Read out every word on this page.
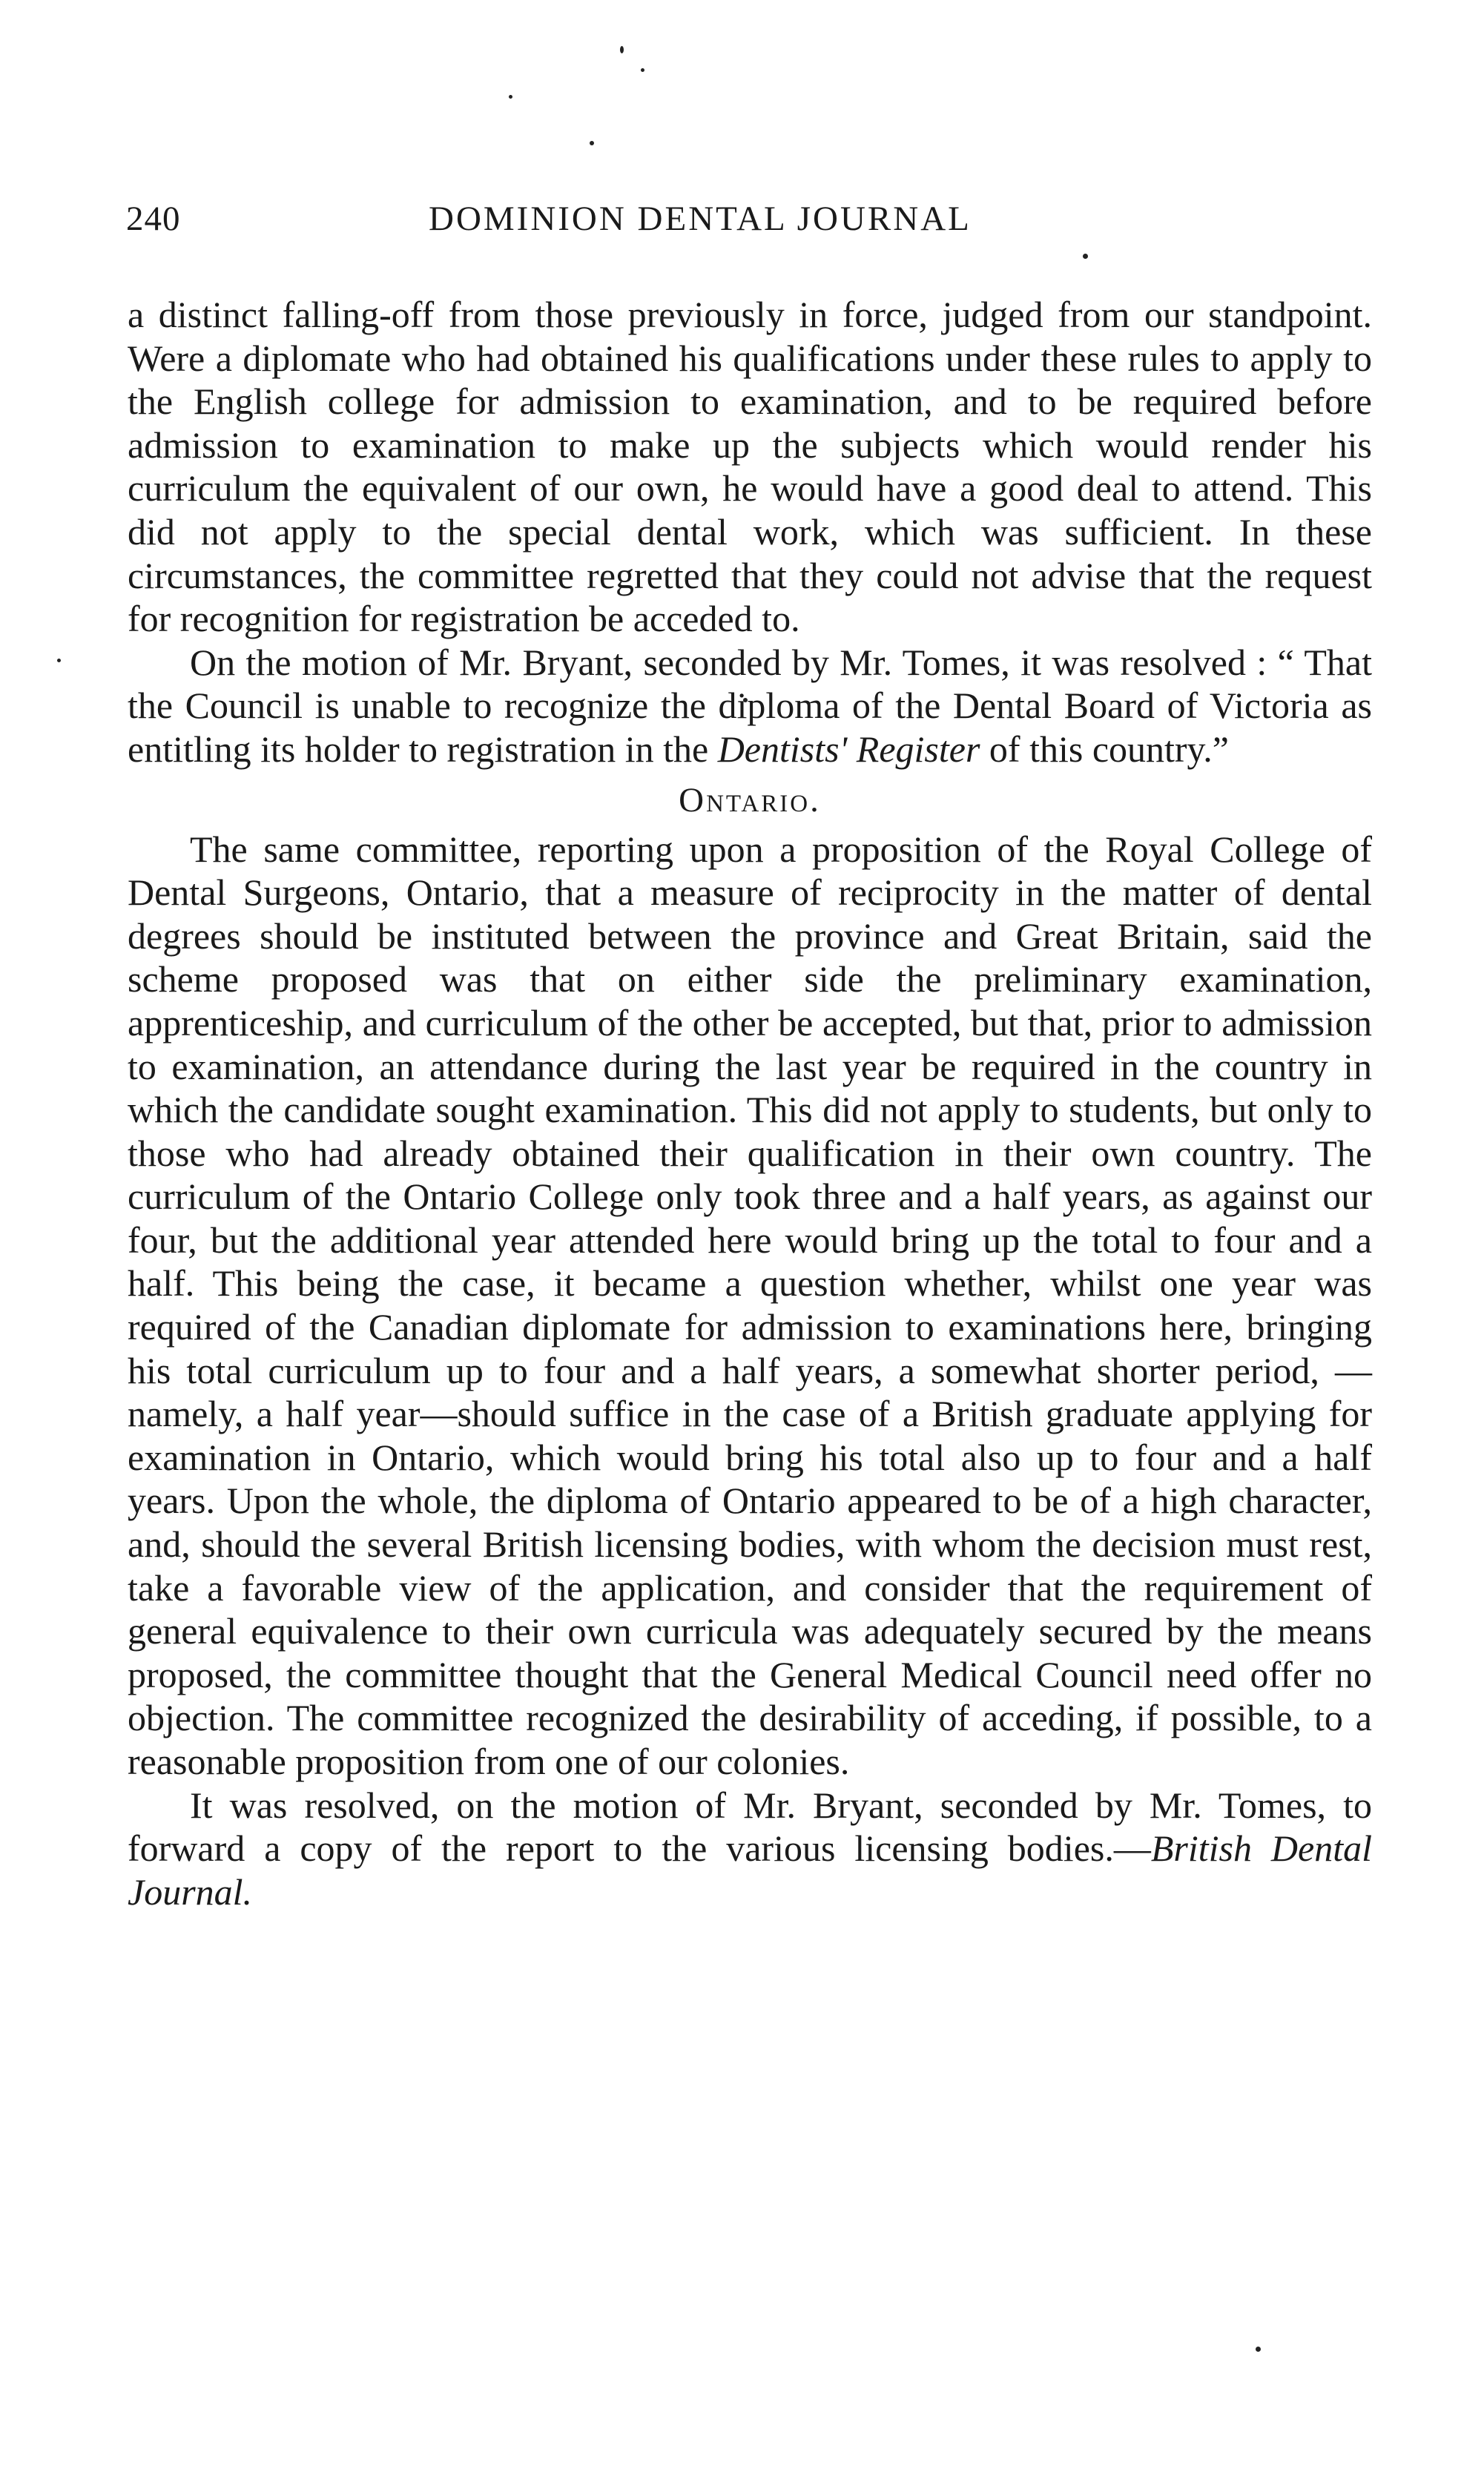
240	DOMINION DENTAL JOURNAL

a distinct falling-off from those previously in force, judged from our standpoint. Were a diplomate who had obtained his qualifications under these rules to apply to the English college for admission to examination, and to be required before admission to examination to make up the subjects which would render his curriculum the equivalent of our own, he would have a good deal to attend. This did not apply to the special dental work, which was sufficient. In these circumstances, the committee regretted that they could not advise that the request for recognition for registration be acceded to.

On the motion of Mr. Bryant, seconded by Mr. Tomes, it was resolved : “ That the Council is unable to recognize the diploma of the Dental Board of Victoria as entitling its holder to registration in the Dentists' Register of this country.”

Ontario.

The same committee, reporting upon a proposition of the Royal College of Dental Surgeons, Ontario, that a measure of reciprocity in the matter of dental degrees should be instituted between the province and Great Britain, said the scheme proposed was that on either side the preliminary examination, apprenticeship, and curriculum of the other be accepted, but that, prior to admission to examination, an attendance during the last year be required in the country in which the candidate sought examination. This did not apply to students, but only to those who had already obtained their qualification in their own country. The curriculum of the Ontario College only took three and a half years, as against our four, but the additional year attended here would bring up the total to four and a half. This being the case, it became a question whether, whilst one year was required of the Canadian diplomate for admission to examinations here, bringing his total curriculum up to four and a half years, a somewhat shorter period, —namely, a half year—should suffice in the case of a British graduate applying for examination in Ontario, which would bring his total also up to four and a half years. Upon the whole, the diploma of Ontario appeared to be of a high character, and, should the several British licensing bodies, with whom the decision must rest, take a favorable view of the application, and consider that the requirement of general equivalence to their own curricula was adequately secured by the means proposed, the committee thought that the General Medical Council need offer no objection. The committee recognized the desirability of acceding, if possible, to a reasonable proposition from one of our colonies.

It was resolved, on the motion of Mr. Bryant, seconded by Mr. Tomes, to forward a copy of the report to the various licensing bodies.—British Dental Journal.
